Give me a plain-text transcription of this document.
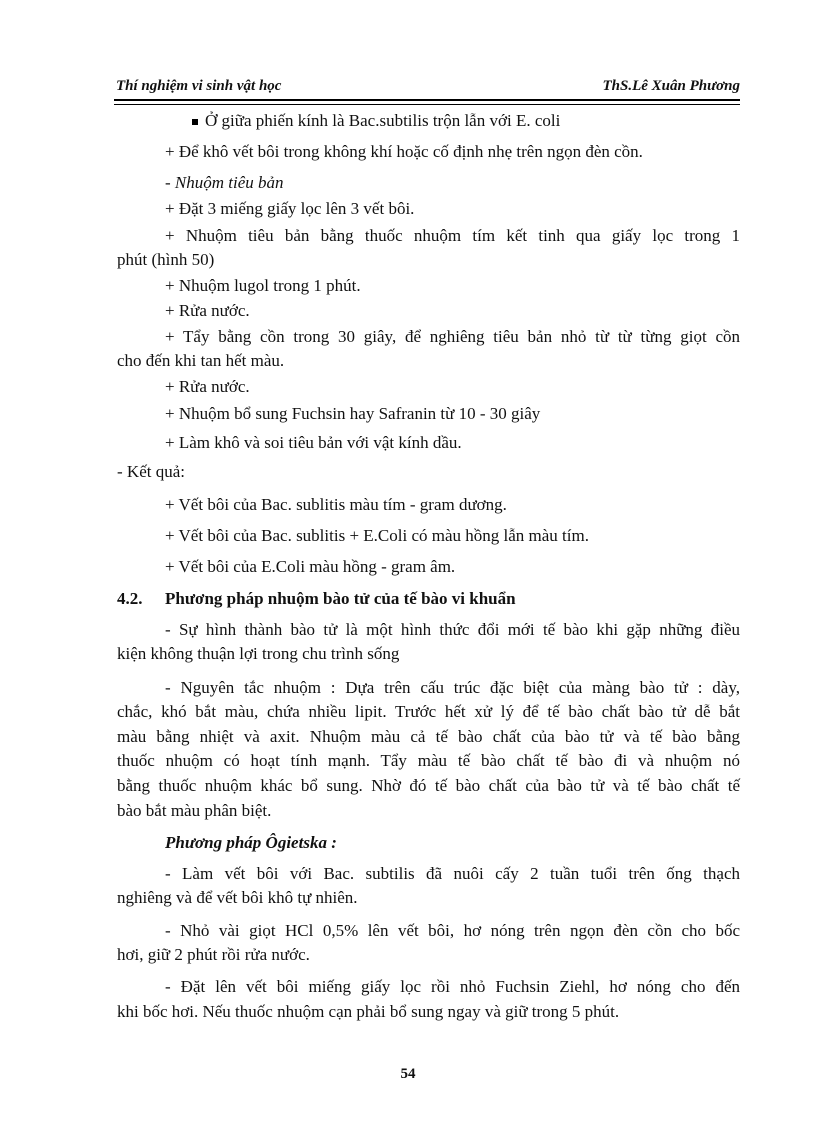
Thí nghiệm vi sinh vật học	ThS.Lê Xuân Phương
Ở giữa phiến kính là Bac.subtilis trộn lẫn với E. coli
+ Để khô vết bôi trong không khí hoặc cố định nhẹ trên ngọn đèn cồn.
- Nhuộm tiêu bản
+ Đặt 3 miếng giấy lọc lên 3 vết bôi.
+ Nhuộm tiêu bản bằng thuốc nhuộm tím kết tinh qua giấy lọc trong 1
phút (hình 50)
+ Nhuộm lugol trong 1 phút.
+ Rửa nước.
+ Tẩy bằng cồn trong 30 giây, để nghiêng tiêu bản nhỏ từ từ từng giọt cồn
cho đến khi tan hết màu.
+ Rửa nước.
+ Nhuộm bổ sung Fuchsin hay Safranin từ 10 - 30 giây
+ Làm khô và soi tiêu bản với vật kính dầu.
- Kết quả:
+ Vết bôi của Bac. sublitis màu tím - gram dương.
+ Vết bôi của Bac. sublitis + E.Coli có màu hồng lẫn màu tím.
+ Vết bôi của E.Coli màu hồng - gram âm.
4.2. Phương pháp nhuộm bào tử của tế bào vi khuẩn
- Sự hình thành bào tử là một hình thức đổi mới tế bào khi gặp những điều
kiện không thuận lợi trong chu trình sống
- Nguyên tắc nhuộm : Dựa trên cấu trúc đặc biệt của màng bào tử : dày,
chắc, khó bắt màu, chứa nhiều lipit. Trước hết xử lý để tế bào chất bào tử dễ bắt
màu bằng nhiệt và axit. Nhuộm màu cả tế bào chất của bào tử và tế bào bằng
thuốc nhuộm có hoạt tính mạnh. Tẩy màu tế bào chất tế bào đi và nhuộm nó
bằng thuốc nhuộm khác bổ sung. Nhờ đó tế bào chất của bào tử và tế bào chất tế
bào bắt màu phân biệt.
Phương pháp Ôgietska :
- Làm vết bôi với Bac. subtilis đã nuôi cấy 2 tuần tuổi trên ống thạch
nghiêng và để vết bôi khô tự nhiên.
- Nhỏ vài giọt HCl 0,5% lên vết bôi, hơ nóng trên ngọn đèn cồn cho bốc
hơi, giữ 2 phút rồi rửa nước.
- Đặt lên vết bôi miếng giấy lọc rồi nhỏ Fuchsin Ziehl, hơ nóng cho đến
khi bốc hơi. Nếu thuốc nhuộm cạn phải bổ sung ngay và giữ trong 5 phút.
54
